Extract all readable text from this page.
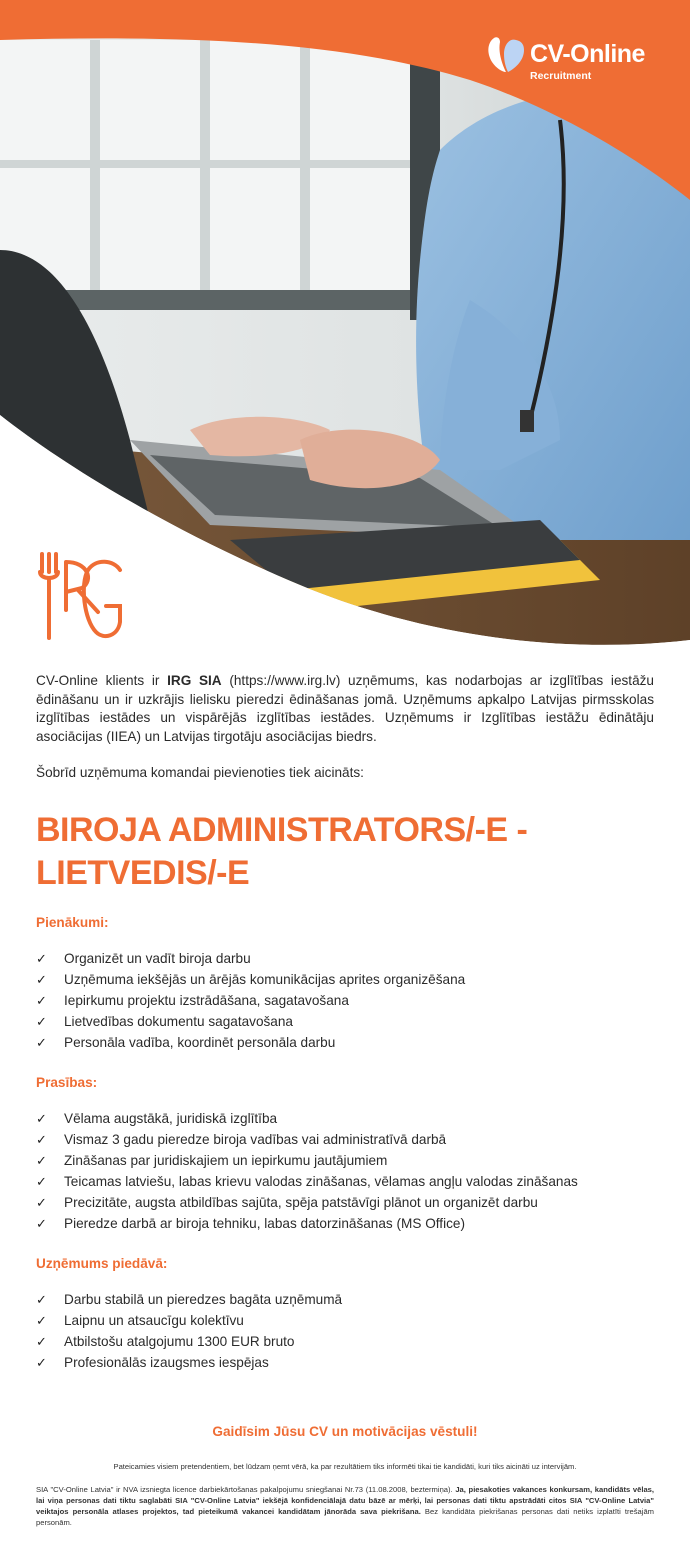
CV-Online
Recruitment

CV-Online klients ir IRG SIA (https://www.irg.lv) uzņēmums, kas nodarbojas ar izglītības iestāžu ēdināšanu un ir uzkrājis lielisku pieredzi ēdināšanas jomā. Uzņēmums apkalpo Latvijas pirmsskolas izglītības iestādes un vispārējās izglītības iestādes. Uzņēmums ir Izglītības iestāžu ēdinātāju asociācijas (IIEA) un Latvijas tirgotāju asociācijas biedrs.

Šobrīd uzņēmuma komandai pievienoties tiek aicināts:

BIROJA ADMINISTRATORS/-E - LIETVEDIS/-E
Pienākumi:
✓ Organizēt un vadīt biroja darbu
✓ Uzņēmuma iekšējās un ārējās komunikācijas aprites organizēšana
✓ Iepirkumu projektu izstrādāšana, sagatavošana
✓ Lietvedības dokumentu sagatavošana
✓ Personāla vadība, koordinēt personāla darbu
Prasības:
✓ Vēlama augstākā, juridiskā izglītība
✓ Vismaz 3 gadu pieredze biroja vadības vai administratīvā darbā
✓ Zināšanas par juridiskajiem un iepirkumu jautājumiem
✓ Teicamas latviešu, labas krievu valodas zināšanas, vēlamas angļu valodas zināšanas
✓ Precizitāte, augsta atbildības sajūta, spēja patstāvīgi plānot un organizēt darbu
✓ Pieredze darbā ar biroja tehniku, labas datorzināšanas (MS Office)
Uzņēmums piedāvā:
✓ Darbu stabilā un pieredzes bagāta uzņēmumā
✓ Laipnu un atsaucīgu kolektīvu
✓ Atbilstošu atalgojumu 1300 EUR bruto
✓ Profesionālās izaugsmes iespējas
Gaidīsim Jūsu CV un motivācijas vēstuli!
Pateicamies visiem pretendentiem, bet lūdzam ņemt vērā, ka par rezultātiem tiks informēti tikai tie kandidāti, kuri tiks aicināti uz intervijām.
SIA "CV-Online Latvia" ir NVA izsniegta licence darbiekārtošanas pakalpojumu sniegšanai Nr.73 (11.08.2008, beztermiņa). Ja, piesakoties vakances konkursam, kandidāts vēlas, lai viņa personas dati tiktu saglabāti SIA "CV-Online Latvia" iekšējā konfidenciālajā datu bāzē ar mērķi, lai personas dati tiktu apstrādāti citos SIA "CV-Online Latvia" veiktajos personāla atlases projektos, tad pieteikumā vakancei kandidātam jānorāda sava piekrišana. Bez kandidāta piekrišanas personas dati netiks izplatīti trešajām personām.
